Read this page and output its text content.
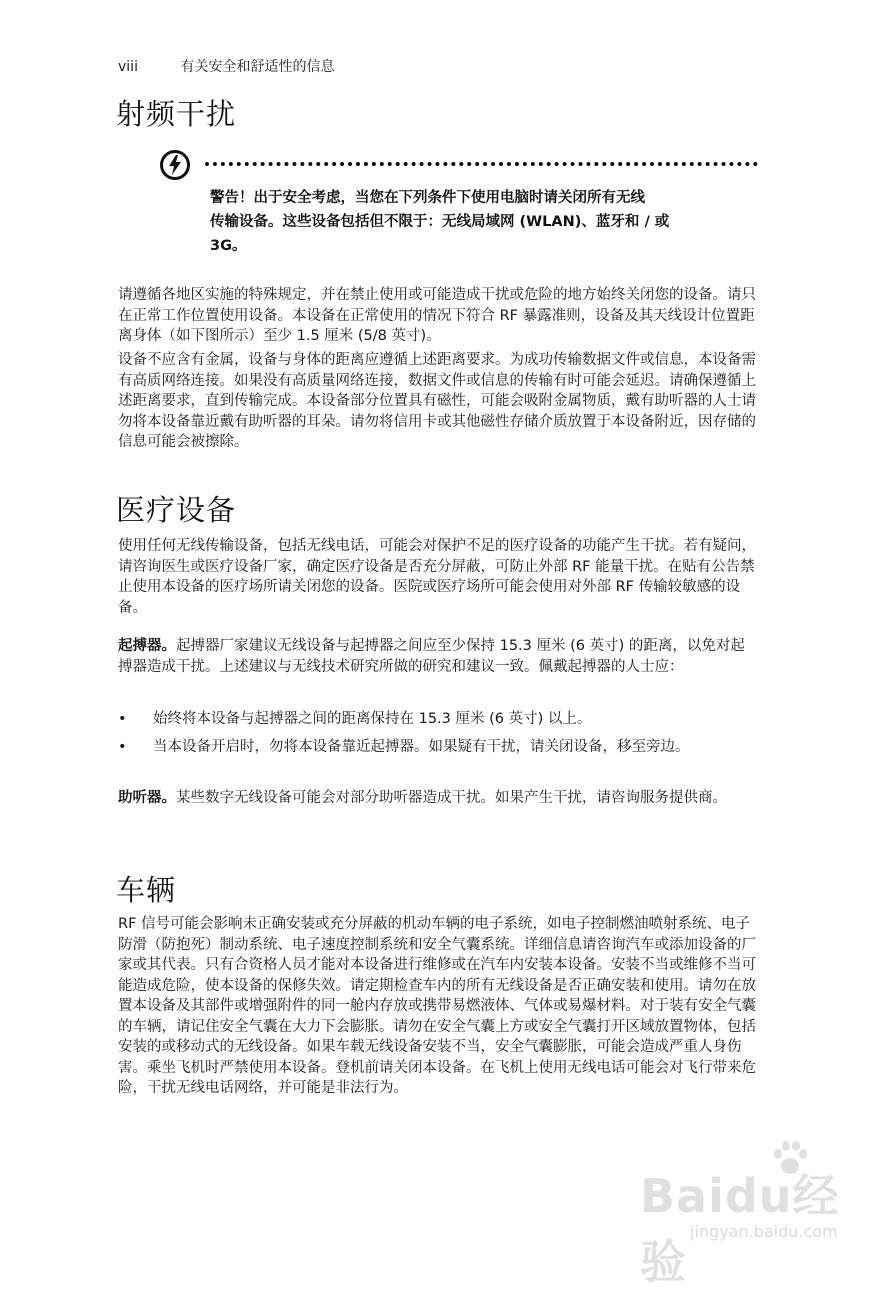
viii	有关安全和舒适性的信息
射频干扰
警告！出于安全考虑，当您在下列条件下使用电脑时请关闭所有无线
传输设备。这些设备包括但不限于：无线局域网 (WLAN)、蓝牙和 / 或
3G。

请遵循各地区实施的特殊规定，并在禁止使用或可能造成干扰或危险的地方始终关闭您的设备。请只在正常工作位置使用设备。本设备在正常使用的情况下符合 RF 暴露准则，设备及其天线设计位置距离身体（如下图所示）至少 1.5 厘米 (5/8 英寸)。

设备不应含有金属，设备与身体的距离应遵循上述距离要求。为成功传输数据文件或信息，本设备需有高质网络连接。如果没有高质量网络连接，数据文件或信息的传输有时可能会延迟。请确保遵循上述距离要求，直到传输完成。本设备部分位置具有磁性，可能会吸附金属物质，戴有助听器的人士请勿将本设备靠近戴有助听器的耳朵。请勿将信用卡或其他磁性存储介质放置于本设备附近，因存储的信息可能会被擦除。

医疗设备

使用任何无线传输设备，包括无线电话，可能会对保护不足的医疗设备的功能产生干扰。若有疑问，请咨询医生或医疗设备厂家，确定医疗设备是否充分屏蔽，可防止外部 RF 能量干扰。在贴有公告禁止使用本设备的医疗场所请关闭您的设备。医院或医疗场所可能会使用对外部 RF 传输较敏感的设备。

起搏器。起搏器厂家建议无线设备与起搏器之间应至少保持 15.3 厘米 (6 英寸) 的距离，以免对起搏器造成干扰。上述建议与无线技术研究所做的研究和建议一致。佩戴起搏器的人士应：

• 始终将本设备与起搏器之间的距离保持在 15.3 厘米 (6 英寸) 以上。
• 当本设备开启时，勿将本设备靠近起搏器。如果疑有干扰，请关闭设备，移至旁边。

助听器。某些数字无线设备可能会对部分助听器造成干扰。如果产生干扰，请咨询服务提供商。

车辆

RF 信号可能会影响未正确安装或充分屏蔽的机动车辆的电子系统，如电子控制燃油喷射系统、电子防滑（防抱死）制动系统、电子速度控制系统和安全气囊系统。详细信息请咨询汽车或添加设备的厂家或其代表。只有合资格人员才能对本设备进行维修或在汽车内安装本设备。安装不当或维修不当可能造成危险，使本设备的保修失效。请定期检查车内的所有无线设备是否正确安装和使用。请勿在放置本设备及其部件或增强附件的同一舱内存放或携带易燃液体、气体或易爆材料。对于装有安全气囊的车辆，请记住安全气囊在大力下会膨胀。请勿在安全气囊上方或安全气囊打开区域放置物体，包括安装的或移动式的无线设备。如果车载无线设备安装不当，安全气囊膨胀，可能会造成严重人身伤害。乘坐飞机时严禁使用本设备。登机前请关闭本设备。在飞机上使用无线电话可能会对飞行带来危险，干扰无线电话网络，并可能是非法行为。

Baidu经验
jingyan.baidu.com
